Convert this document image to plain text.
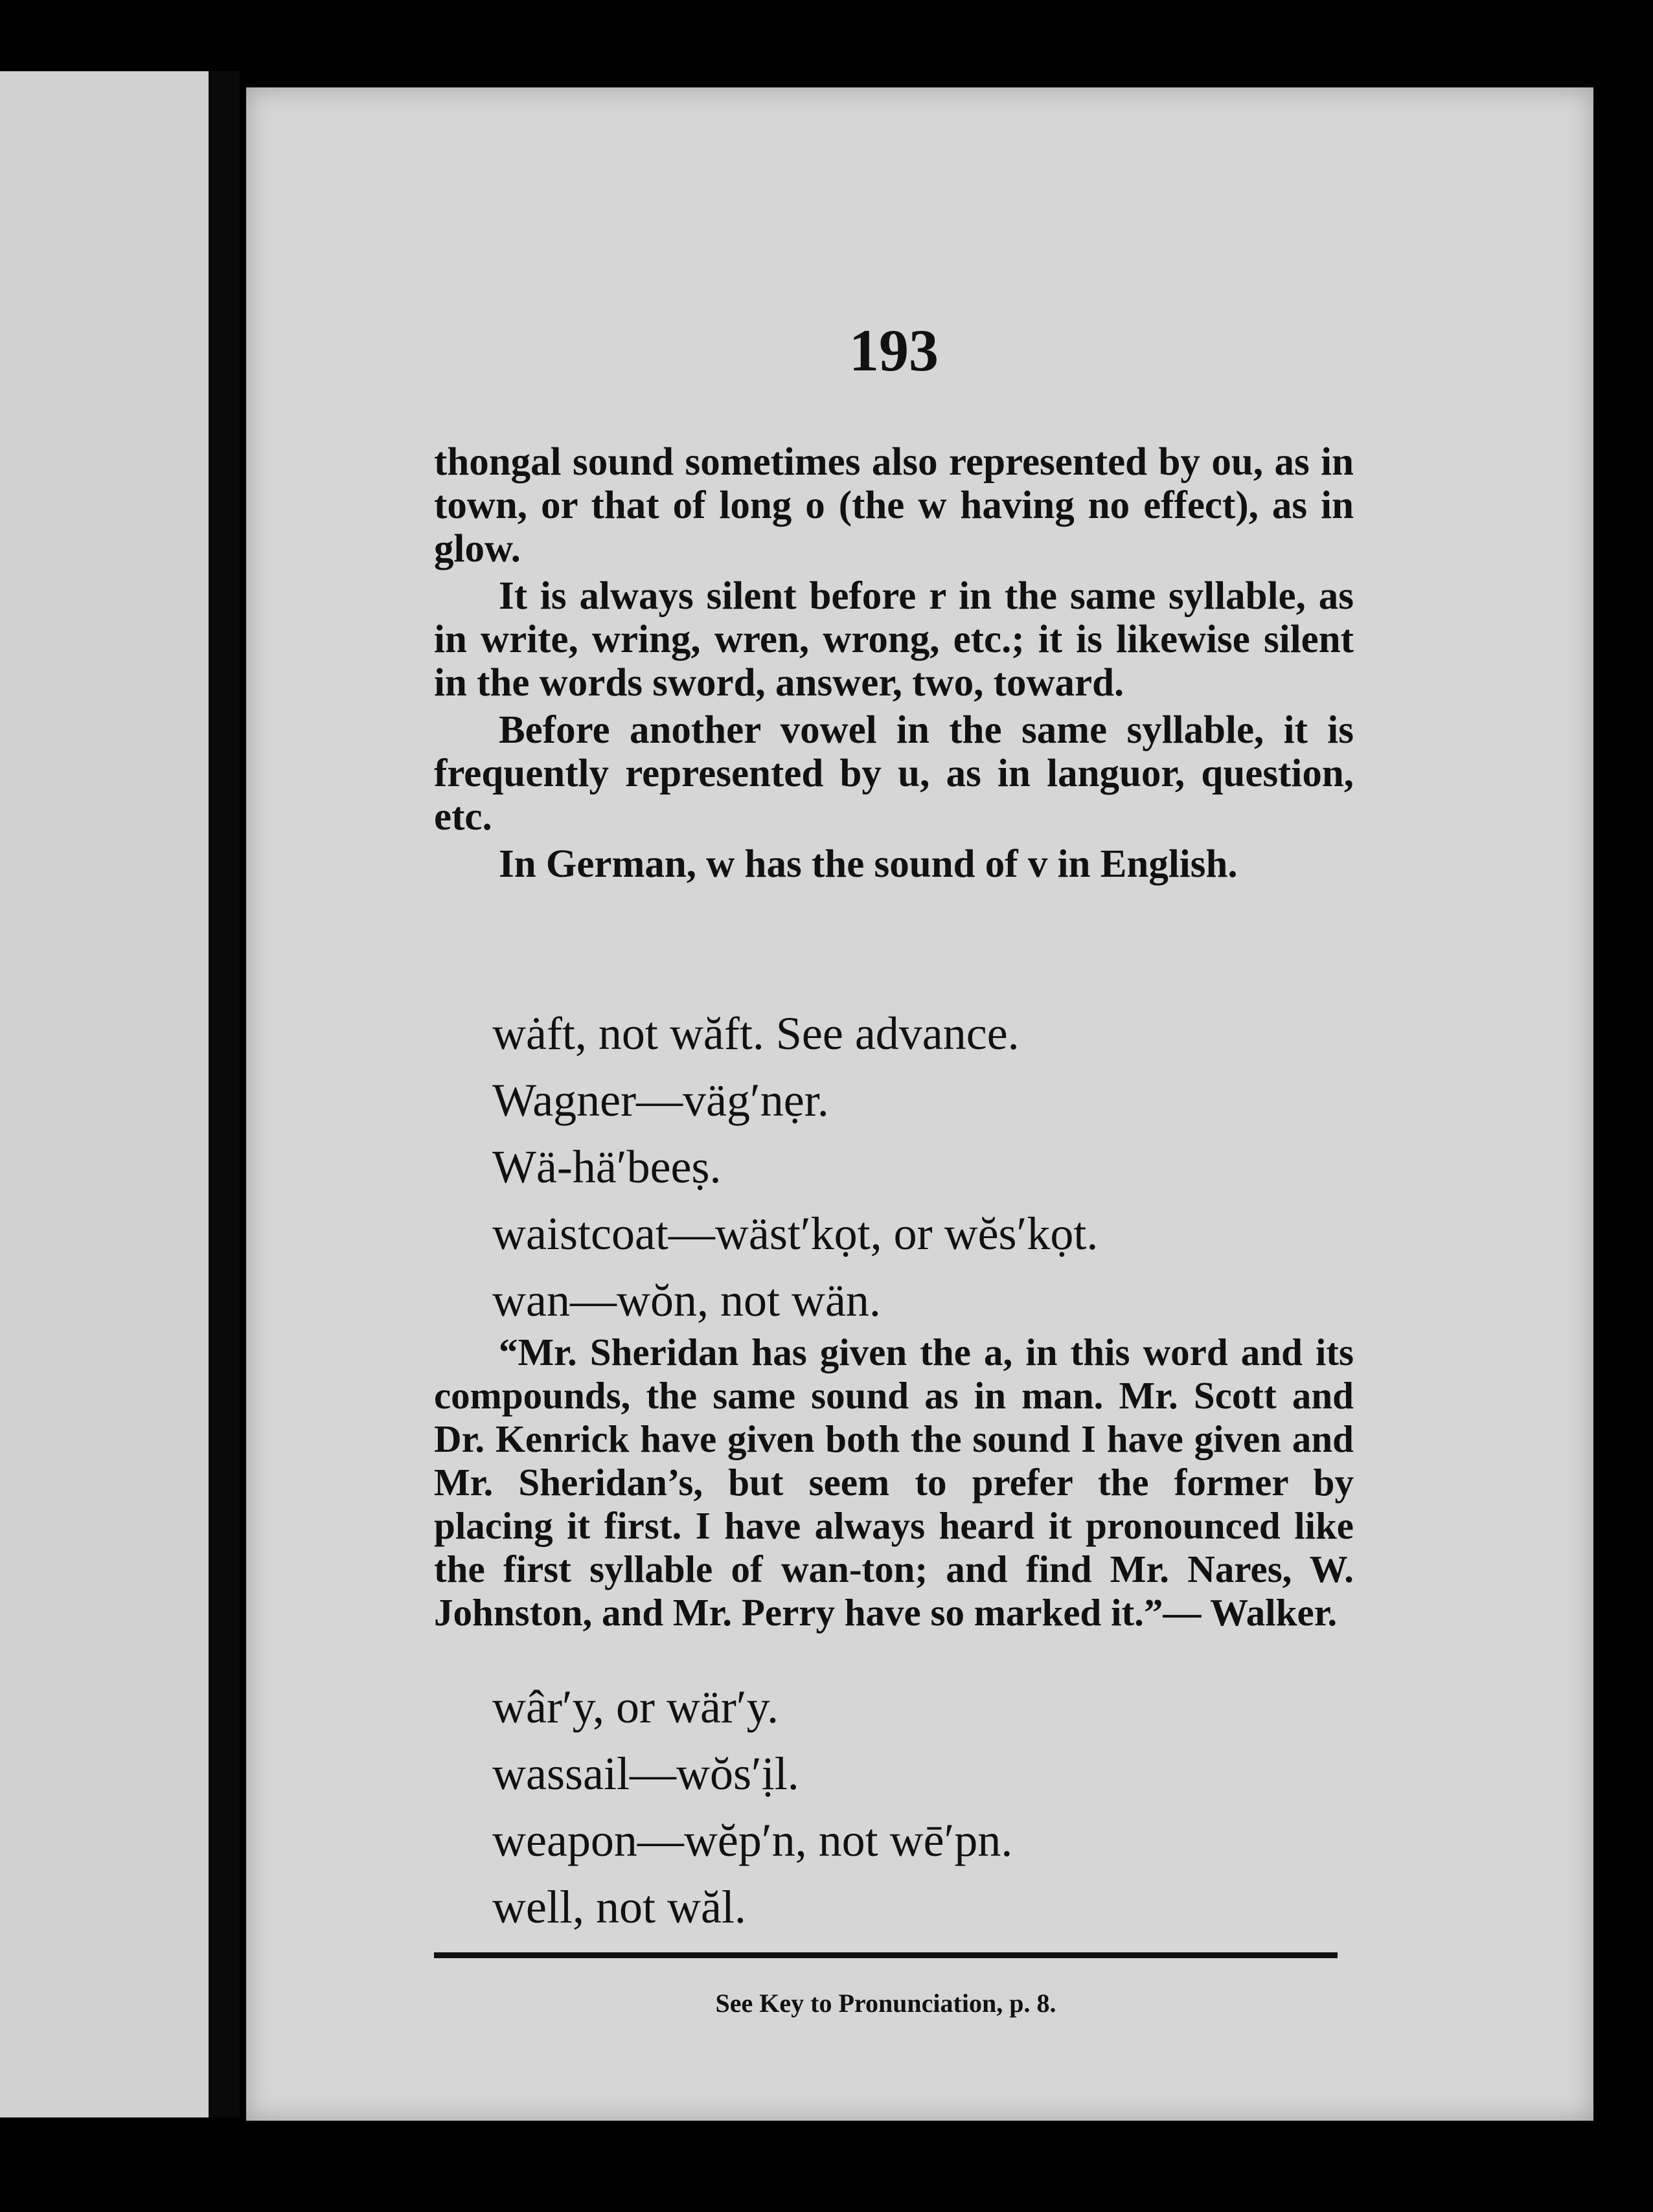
193

thongal sound sometimes also represented by ou, as in town, or that of long o (the w having no effect), as in glow.

It is always silent before r in the same syllable, as in write, wring, wren, wrong, etc.; it is likewise silent in the words sword, answer, two, toward.

Before another vowel in the same syllable, it is frequently represented by u, as in languor, question, etc.

In German, w has the sound of v in English.

wȧft, not wăft. See advance.

Wagner—väg′nẹr.

Wä-hä′beeṣ.

waistcoat—wäst′kọt, or wĕs′kọt.

wan—wŏn, not wän.

“Mr. Sheridan has given the a, in this word and its compounds, the same sound as in man. Mr. Scott and Dr. Kenrick have given both the sound I have given and Mr. Sheridan’s, but seem to prefer the former by placing it first. I have always heard it pronounced like the first syllable of wan-ton; and find Mr. Nares, W. Johnston, and Mr. Perry have so marked it.”— Walker.

wâr′y, or wär′y.

wassail—wŏs′ịl.

weapon—wĕp′n, not wē′pn.

well, not wăl.

See Key to Pronunciation, p. 8.
